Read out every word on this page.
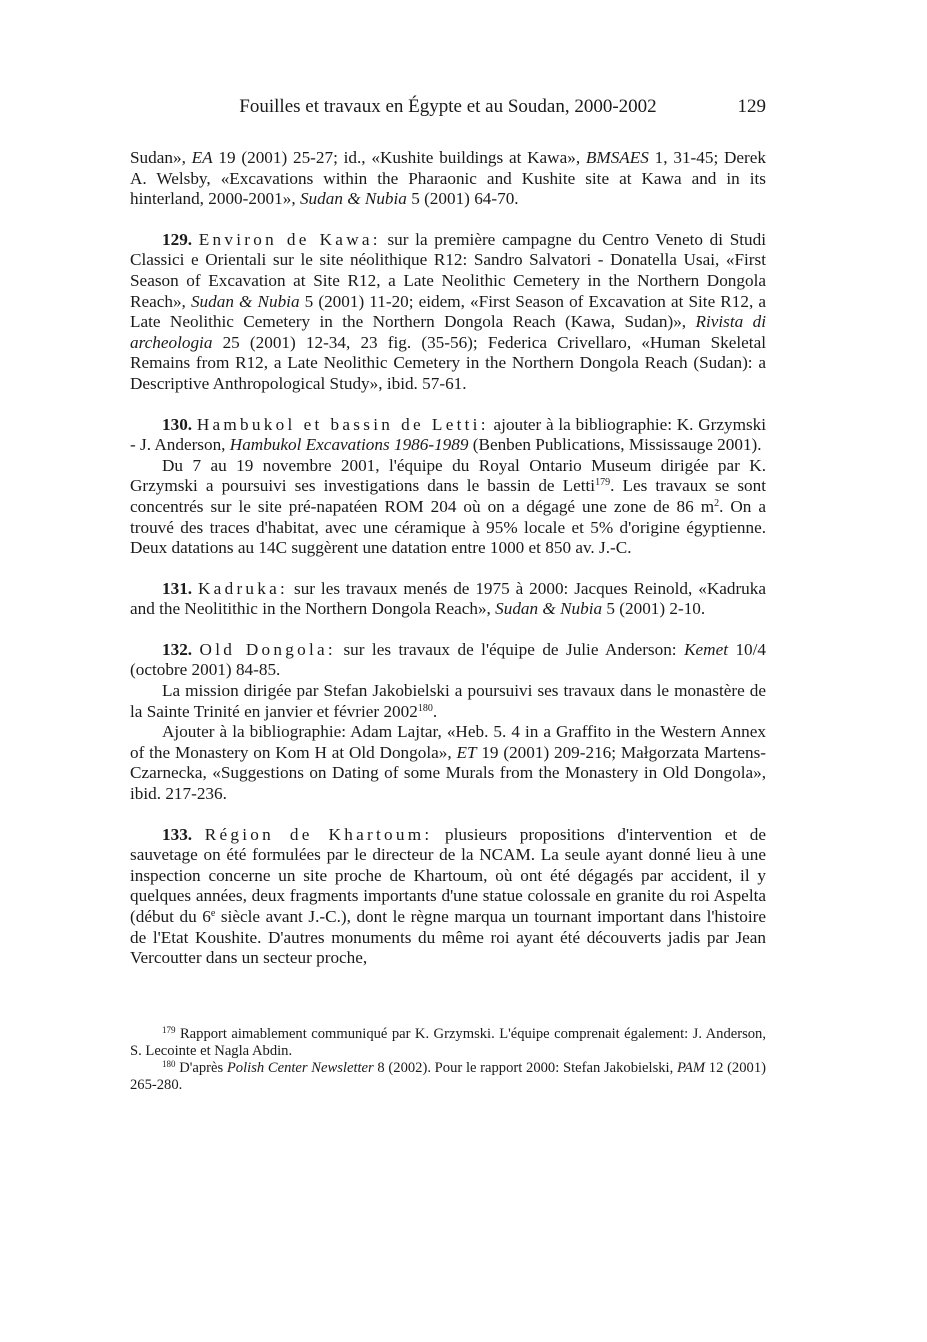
Fouilles et travaux en Égypte et au Soudan, 2000-2002	129

Sudan», EA 19 (2001) 25-27; id., «Kushite buildings at Kawa», BMSAES 1, 31-45; Derek A. Welsby, «Excavations within the Pharaonic and Kushite site at Kawa and in its hinterland, 2000-2001», Sudan & Nubia 5 (2001) 64-70.

129. Environ de Kawa: sur la première campagne du Centro Veneto di Studi Classici e Orientali sur le site néolithique R12: Sandro Salvatori - Donatella Usai, «First Season of Excavation at Site R12, a Late Neolithic Cemetery in the Northern Dongola Reach», Sudan & Nubia 5 (2001) 11-20; eidem, «First Season of Excavation at Site R12, a Late Neolithic Cemetery in the Northern Dongola Reach (Kawa, Sudan)», Rivista di archeologia 25 (2001) 12-34, 23 fig. (35-56); Federica Crivellaro, «Human Skeletal Remains from R12, a Late Neolithic Cemetery in the Northern Dongola Reach (Sudan): a Descriptive Anthropological Study», ibid. 57-61.

130. Hambukol et bassin de Letti: ajouter à la bibliographie: K. Grzymski - J. Anderson, Hambukol Excavations 1986-1989 (Benben Publications, Mississauge 2001).

Du 7 au 19 novembre 2001, l'équipe du Royal Ontario Museum dirigée par K. Grzymski a poursuivi ses investigations dans le bassin de Letti$^{179}$. Les travaux se sont concentrés sur le site pré-napatéen ROM 204 où on a dégagé une zone de 86 $m^2$. On a trouvé des traces d'habitat, avec une céramique à 95% locale et 5% d'origine égyptienne. Deux datations au 14C suggèrent une datation entre 1000 et 850 av. J.-C.

131. Kadruka: sur les travaux menés de 1975 à 2000: Jacques Reinold, «Kadruka and the Neolitithic in the Northern Dongola Reach», Sudan & Nubia 5 (2001) 2-10.

132. Old Dongola: sur les travaux de l'équipe de Julie Anderson: Kemet 10/4 (octobre 2001) 84-85.

La mission dirigée par Stefan Jakobielski a poursuivi ses travaux dans le monastère de la Sainte Trinité en janvier et février 2002$^{180}$.

Ajouter à la bibliographie: Adam Lajtar, «Heb. 5. 4 in a Graffito in the Western Annex of the Monastery on Kom H at Old Dongola», ET 19 (2001) 209-216; Małgorzata Martens-Czarnecka, «Suggestions on Dating of some Murals from the Monastery in Old Dongola», ibid. 217-236.

133. Région de Khartoum: plusieurs propositions d'intervention et de sauvetage on été formulées par le directeur de la NCAM. La seule ayant donné lieu à une inspection concerne un site proche de Khartoum, où ont été dégagés par accident, il y quelques années, deux fragments importants d'une statue colossale en granite du roi Aspelta (début du 6e siècle avant J.-C.), dont le règne marqua un tournant important dans l'histoire de l'Etat Koushite. D'autres monuments du même roi ayant été découverts jadis par Jean Vercoutter dans un secteur proche,

$^{179}$ Rapport aimablement communiqué par K. Grzymski. L'équipe comprenait également: J. Anderson, S. Lecointe et Nagla Abdin.

$^{180}$ D'après Polish Center Newsletter 8 (2002). Pour le rapport 2000: Stefan Jakobielski, PAM 12 (2001) 265-280.
